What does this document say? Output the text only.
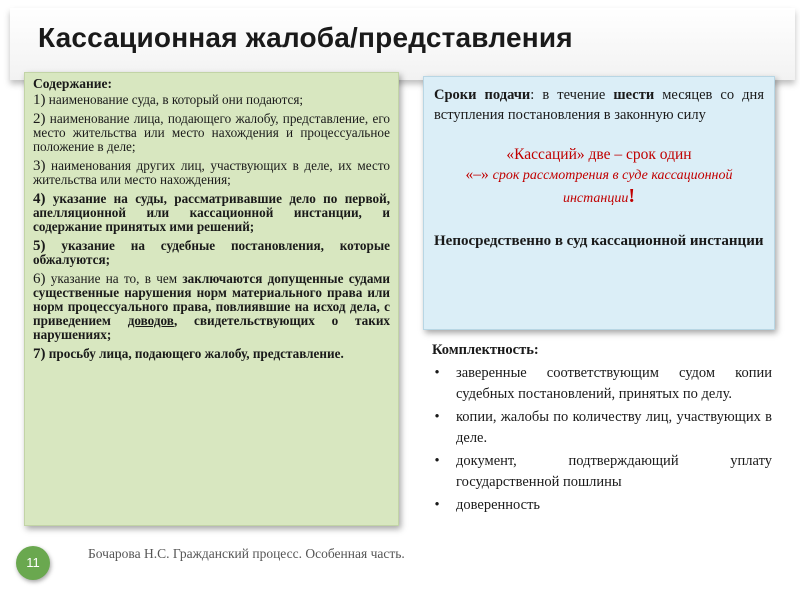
Кассационная жалоба/представления
Содержание:
1) наименование суда, в который они подаются;
2) наименование лица, подающего жалобу, представление, его место жительства или место нахождения и процессуальное положение в деле;
3) наименования других лиц, участвующих в деле, их место жительства или место нахождения;
4) указание на суды, рассматривавшие дело по первой, апелляционной или кассационной инстанции, и содержание принятых ими решений;
5) указание на судебные постановления, которые обжалуются;
6) указание на то, в чем заключаются допущенные судами существенные нарушения норм материального права или норм процессуального права, повлиявшие на исход дела, с приведением доводов, свидетельствующих о таких нарушениях;
7) просьбу лица, подающего жалобу, представление.

Сроки подачи: в течение шести месяцев со дня вступления постановления в законную силу

«Кассаций» две – срок один
«–» срок рассмотрения в суде кассационной инстанции!
Непосредственно в суд кассационной инстанции
Комплектность:
• заверенные соответствующим судом копии судебных постановлений, принятых по делу.
• копии, жалобы по количеству лиц, участвующих в деле.
• документ, подтверждающий уплату государственной пошлины
• доверенность
11
Бочарова Н.С. Гражданский процесс. Особенная часть.
